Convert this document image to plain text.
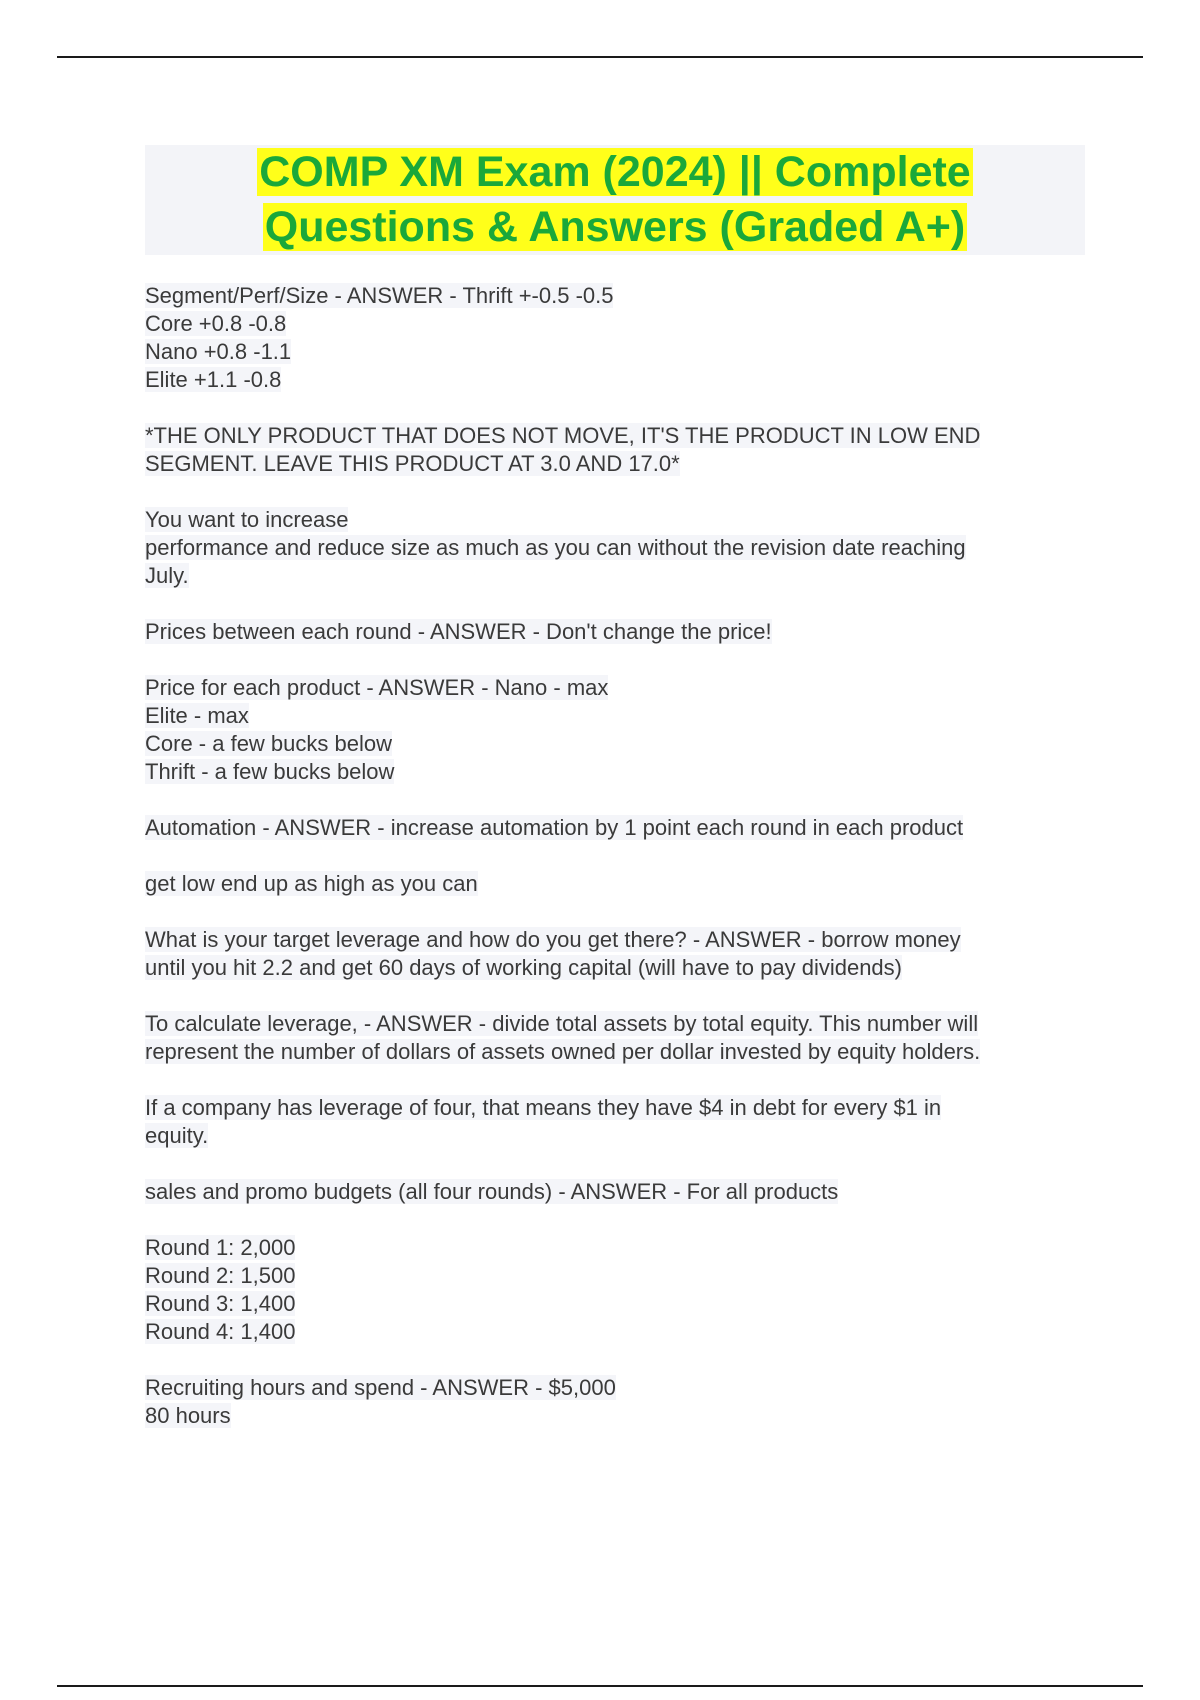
COMP XM Exam (2024) || Complete
Questions & Answers (Graded A+)
Segment/Perf/Size - ANSWER - Thrift +-0.5 -0.5
Core +0.8 -0.8
Nano +0.8 -1.1
Elite +1.1 -0.8
*THE ONLY PRODUCT THAT DOES NOT MOVE, IT'S THE PRODUCT IN LOW END
SEGMENT. LEAVE THIS PRODUCT AT 3.0 AND 17.0*
You want to increase
performance and reduce size as much as you can without the revision date reaching
July.
Prices between each round - ANSWER - Don't change the price!
Price for each product - ANSWER - Nano - max
Elite - max
Core - a few bucks below
Thrift - a few bucks below
Automation - ANSWER - increase automation by 1 point each round in each product
get low end up as high as you can
What is your target leverage and how do you get there? - ANSWER - borrow money
until you hit 2.2 and get 60 days of working capital (will have to pay dividends)
To calculate leverage, - ANSWER - divide total assets by total equity. This number will
represent the number of dollars of assets owned per dollar invested by equity holders.
If a company has leverage of four, that means they have $4 in debt for every $1 in
equity.
sales and promo budgets (all four rounds) - ANSWER - For all products
Round 1: 2,000
Round 2: 1,500
Round 3: 1,400
Round 4: 1,400
Recruiting hours and spend - ANSWER - $5,000
80 hours
